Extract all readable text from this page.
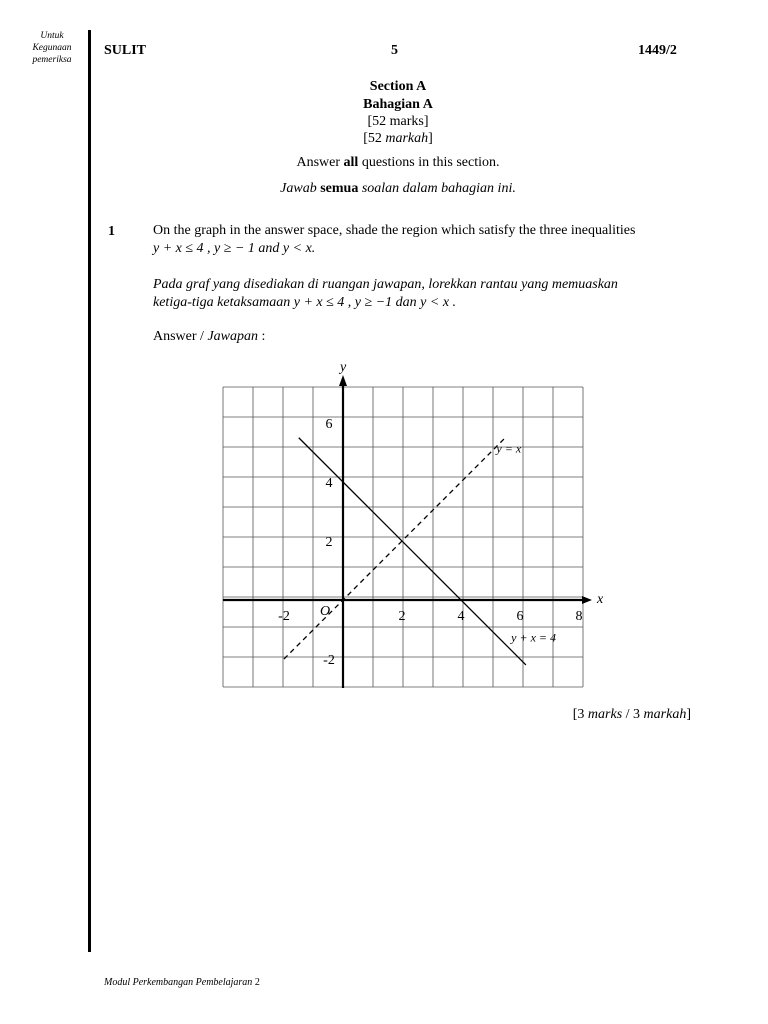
Untuk
Kegunaan
pemeriksa
SULIT	5	1449/2
Section A
Bahagian A
[52 marks]
[52 markah]
Answer all questions in this section.
Jawab semua soalan dalam bahagian ini.
1	On the graph in the answer space, shade the region which satisfy the three inequalities
y + x ≤ 4 , y ≥ − 1 and y < x.
Pada graf yang disediakan di ruangan jawapan, lorekkan rantau yang memuaskan
ketiga-tiga ketaksamaan y + x ≤ 4 , y ≥ −1 dan y < x .
Answer / Jawapan :
y = x
y + x = 4
x
y
O
-2	2	4	6	8
6
4
2
-2
[3 marks / 3 markah]
Modul Perkembangan Pembelajaran 2
